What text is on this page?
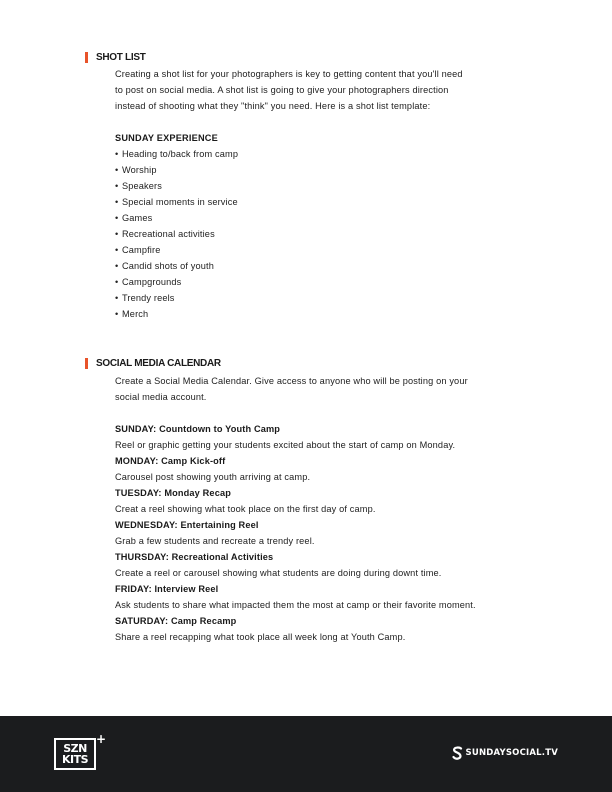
SHOT LIST
Creating a shot list for your photographers is key to getting content that you'll need
to post on social media. A shot list is going to give your photographers direction
instead of shooting what they "think" you need. Here is a shot list template:
SUNDAY EXPERIENCE
• Heading to/back from camp
• Worship
• Speakers
• Special moments in service
• Games
• Recreational activities
• Campfire
• Candid shots of youth
• Campgrounds
• Trendy reels
• Merch
SOCIAL MEDIA CALENDAR
Create a Social Media Calendar. Give access to anyone who will be posting on your
social media account.
SUNDAY: Countdown to Youth Camp
Reel or graphic getting your students excited about the start of camp on Monday.
MONDAY: Camp Kick-off
Carousel post showing youth arriving at camp.
TUESDAY: Monday Recap
Creat a reel showing what took place on the first day of camp.
WEDNESDAY: Entertaining Reel
Grab a few students and recreate a trendy reel.
THURSDAY: Recreational Activities
Create a reel or carousel showing what students are doing during downt time.
FRIDAY: Interview Reel
Ask students to share what impacted them the most at camp or their favorite moment.
SATURDAY: Camp Recamp
Share a reel recapping what took place all week long at Youth Camp.
SZN
KITS
+
SUNDAYSOCIAL.TV
